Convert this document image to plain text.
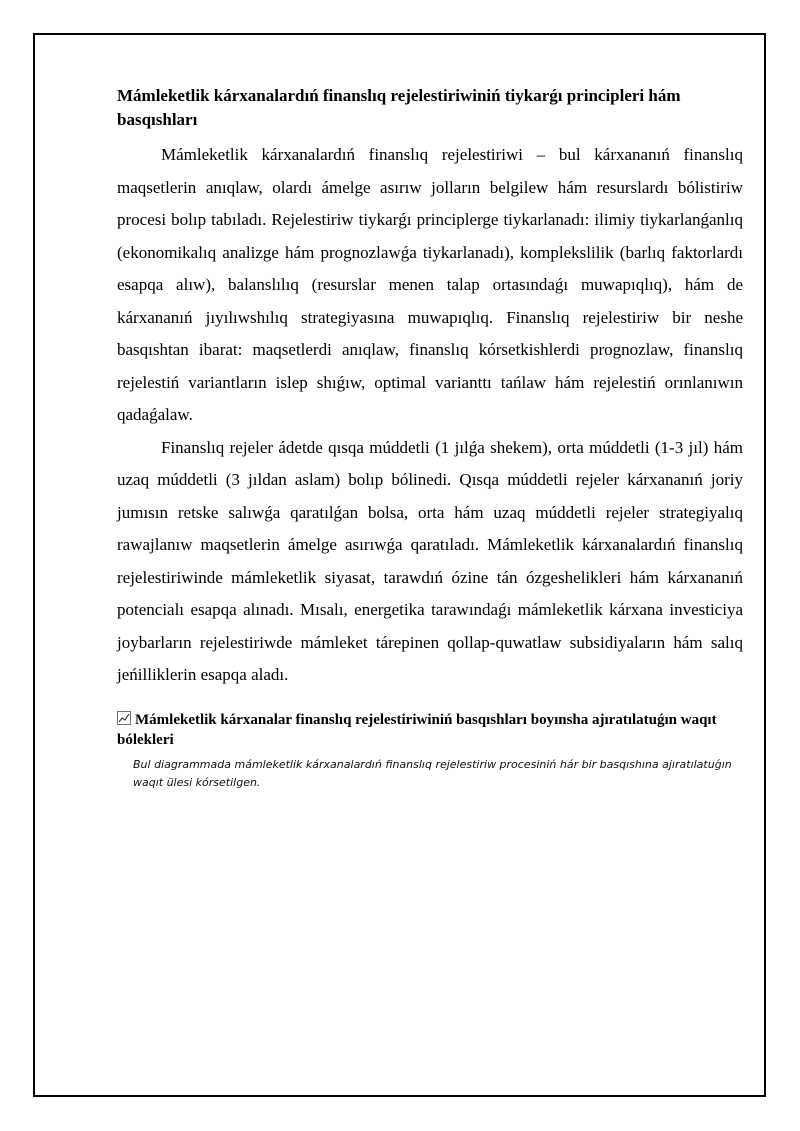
Mámleketlik kárxanalardıń finanslıq rejelestiriwiniń tiykarǵı principleri hám basqıshları

Mámleketlik kárxanalardıń finanslıq rejelestiriwi – bul kárxananıń finanslıq maqsetlerin anıqlaw, olardı ámelge asırıw jolların belgilew hám resurslardı bólistiriw procesi bolıp tabıladı. Rejelestiriw tiykarǵı principlerge tiykarlanadı: ilimiy tiykarlanǵanlıq (ekonomikalıq analizge hám prognozlawǵa tiykarlanadı), komplekslilik (barlıq faktorlardı esapqa alıw), balanslılıq (resurslar menen talap ortasındaǵı muwapıqlıq), hám de kárxananıń jıyılıwshılıq strategiyasına muwapıqlıq. Finanslıq rejelestiriw bir neshe basqıshtan ibarat: maqsetlerdi anıqlaw, finanslıq kórsetkishlerdi prognozlaw, finanslıq rejelestiń variantların islep shıǵıw, optimal varianttı tańlaw hám rejelestiń orınlanıwın qadaǵalaw.

Finanslıq rejeler ádetde qısqa múddetli (1 jılǵa shekem), orta múddetli (1-3 jıl) hám uzaq múddetli (3 jıldan aslam) bolıp bólinedi. Qısqa múddetli rejeler kárxananıń joriy jumısın retske salıwǵa qaratılǵan bolsa, orta hám uzaq múddetli rejeler strategiyalıq rawajlanıw maqsetlerin ámelge asırıwǵa qaratıladı. Mámleketlik kárxanalardıń finanslıq rejelestiriwinde mámleketlik siyasat, tarawdıń ózine tán ózgeshelikleri hám kárxananıń potencialı esapqa alınadı. Mısalı, energetika tarawındaǵı mámleketlik kárxana investiciya joybarların rejelestiriwde mámleket tárepinen qollap-quwatlaw subsidiyaların hám salıq jeńilliklerin esapqa aladı.

Mámleketlik kárxanalar finanslıq rejelestiriwiniń basqıshları boyınsha ajıratılatuǵın waqıt bólekleri
Bul diagrammada mámleketlik kárxanalardıń finanslıq rejelestiriw procesiniń hár bir basqıshına ajıratılatuǵın waqıt ülesi kórsetilgen.
